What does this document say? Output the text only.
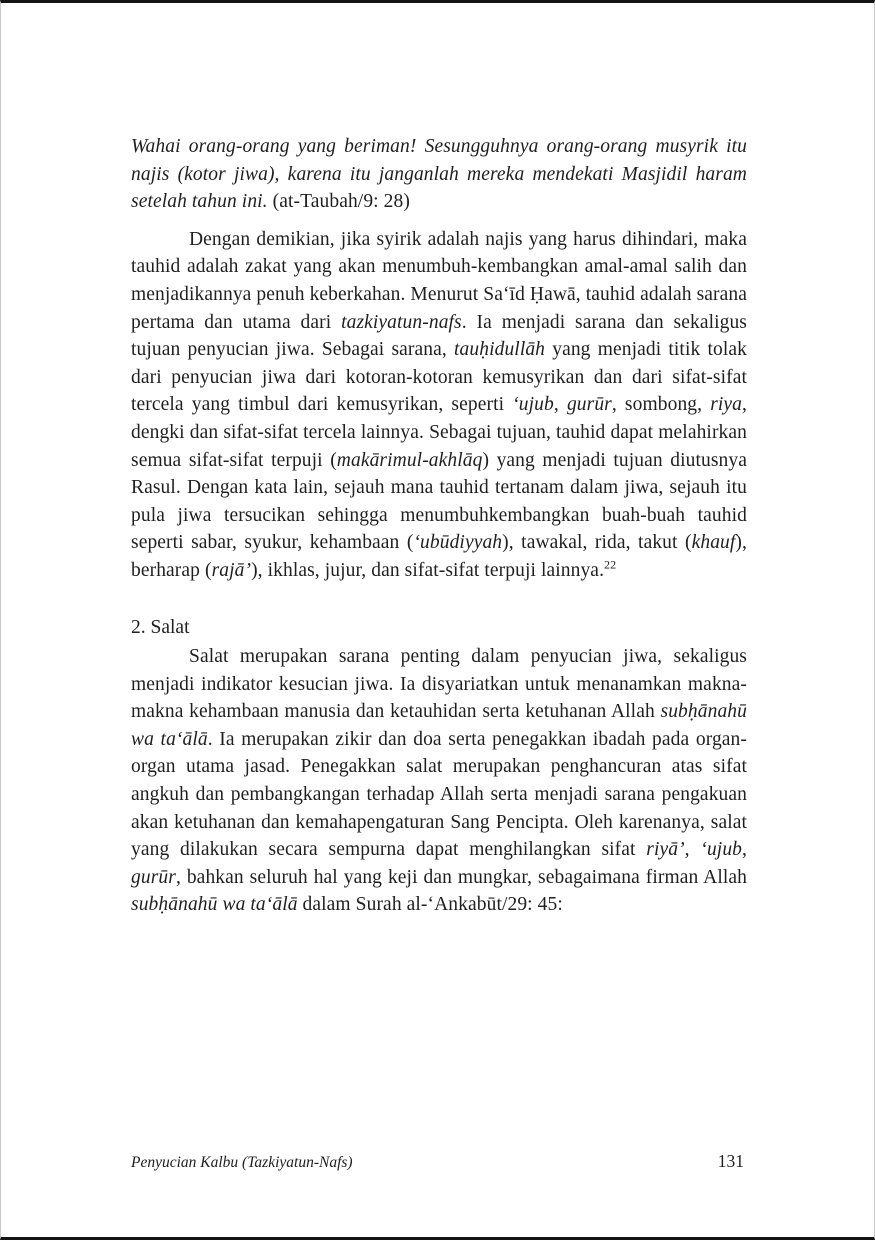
Wahai orang-orang yang beriman! Sesungguhnya orang-orang musyrik itu najis (kotor jiwa), karena itu janganlah mereka mendekati Masjidil haram setelah tahun ini. (at-Taubah/9: 28)

Dengan demikian, jika syirik adalah najis yang harus dihindari, maka tauhid adalah zakat yang akan menumbuh-kembangkan amal-amal salih dan menjadikannya penuh keberkahan. Menurut Sa‘īd Ḥawā, tauhid adalah sarana pertama dan utama dari tazkiyatun-nafs. Ia menjadi sarana dan sekaligus tujuan penyucian jiwa. Sebagai sarana, tauḥidullāh yang menjadi titik tolak dari penyucian jiwa dari kotoran-kotoran kemusyrikan dan dari sifat-sifat tercela yang timbul dari kemusyrikan, seperti ‘ujub, gurūr, sombong, riya, dengki dan sifat-sifat tercela lainnya. Sebagai tujuan, tauhid dapat melahirkan semua sifat-sifat terpuji (makārimul-akhlāq) yang menjadi tujuan diutusnya Rasul. Dengan kata lain, sejauh mana tauhid tertanam dalam jiwa, sejauh itu pula jiwa tersucikan sehingga menumbuhkembangkan buah-buah tauhid seperti sabar, syukur, kehambaan (‘ubūdiyyah), tawakal, rida, takut (khauf), berharap (rajā’), ikhlas, jujur, dan sifat-sifat terpuji lainnya.$^{22}$

2. Salat

Salat merupakan sarana penting dalam penyucian jiwa, sekaligus menjadi indikator kesucian jiwa. Ia disyariatkan untuk menanamkan makna-makna kehambaan manusia dan ketauhidan serta ketuhanan Allah subḥānahū wa ta‘ālā. Ia merupakan zikir dan doa serta penegakkan ibadah pada organ-organ utama jasad. Penegakkan salat merupakan penghancuran atas sifat angkuh dan pembangkangan terhadap Allah serta menjadi sarana pengakuan akan ketuhanan dan kemahapengaturan Sang Pencipta. Oleh karenanya, salat yang dilakukan secara sempurna dapat menghilangkan sifat riyā’, ‘ujub, gurūr, bahkan seluruh hal yang keji dan mungkar, sebagaimana firman Allah subḥānahū wa ta‘ālā dalam Surah al-‘Ankabūt/29: 45:

Penyucian Kalbu (Tazkiyatun-Nafs)	131
